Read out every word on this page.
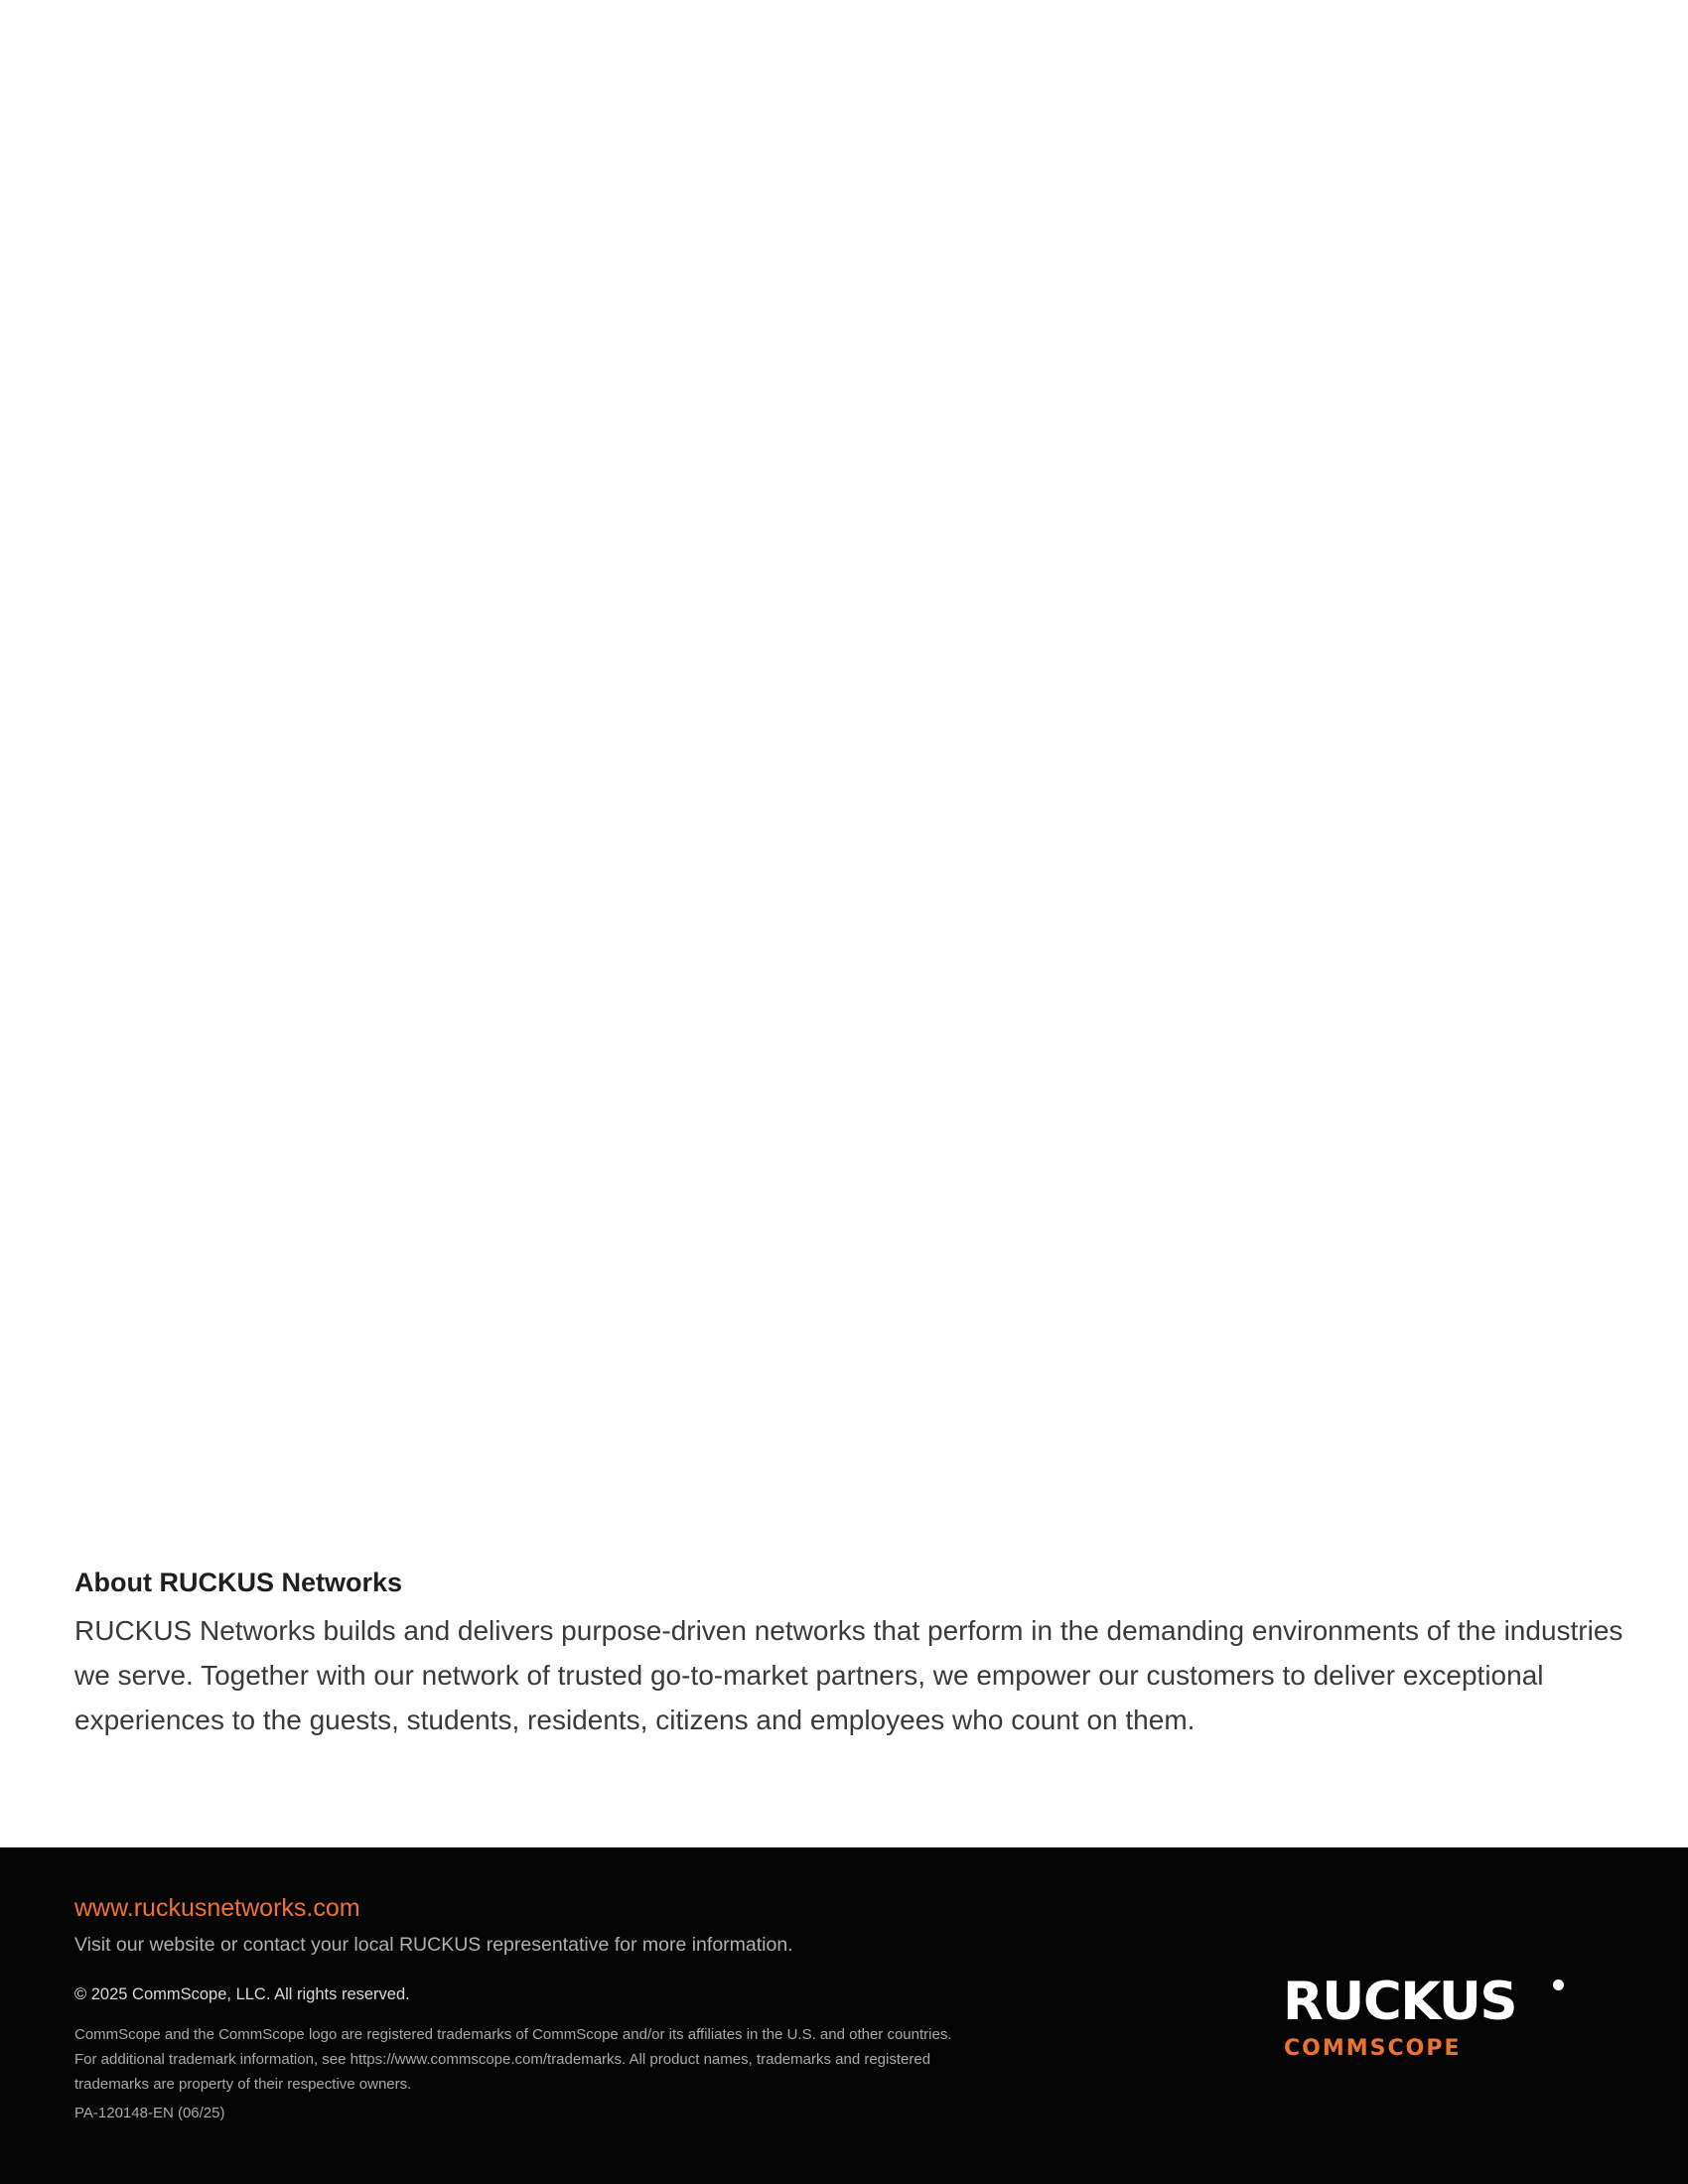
About RUCKUS Networks

RUCKUS Networks builds and delivers purpose-driven networks that perform in the demanding environments of the industries we serve. Together with our network of trusted go-to-market partners, we empower our customers to deliver exceptional experiences to the guests, students, residents, citizens and employees who count on them.

www.ruckusnetworks.com
Visit our website or contact your local RUCKUS representative for more information.
© 2025 CommScope, LLC. All rights reserved.
CommScope and the CommScope logo are registered trademarks of CommScope and/or its affiliates in the U.S. and other countries.
For additional trademark information, see https://www.commscope.com/trademarks. All product names, trademarks and registered
trademarks are property of their respective owners.
PA-120148-EN (06/25)
RUCKUS
COMMSCOPE
